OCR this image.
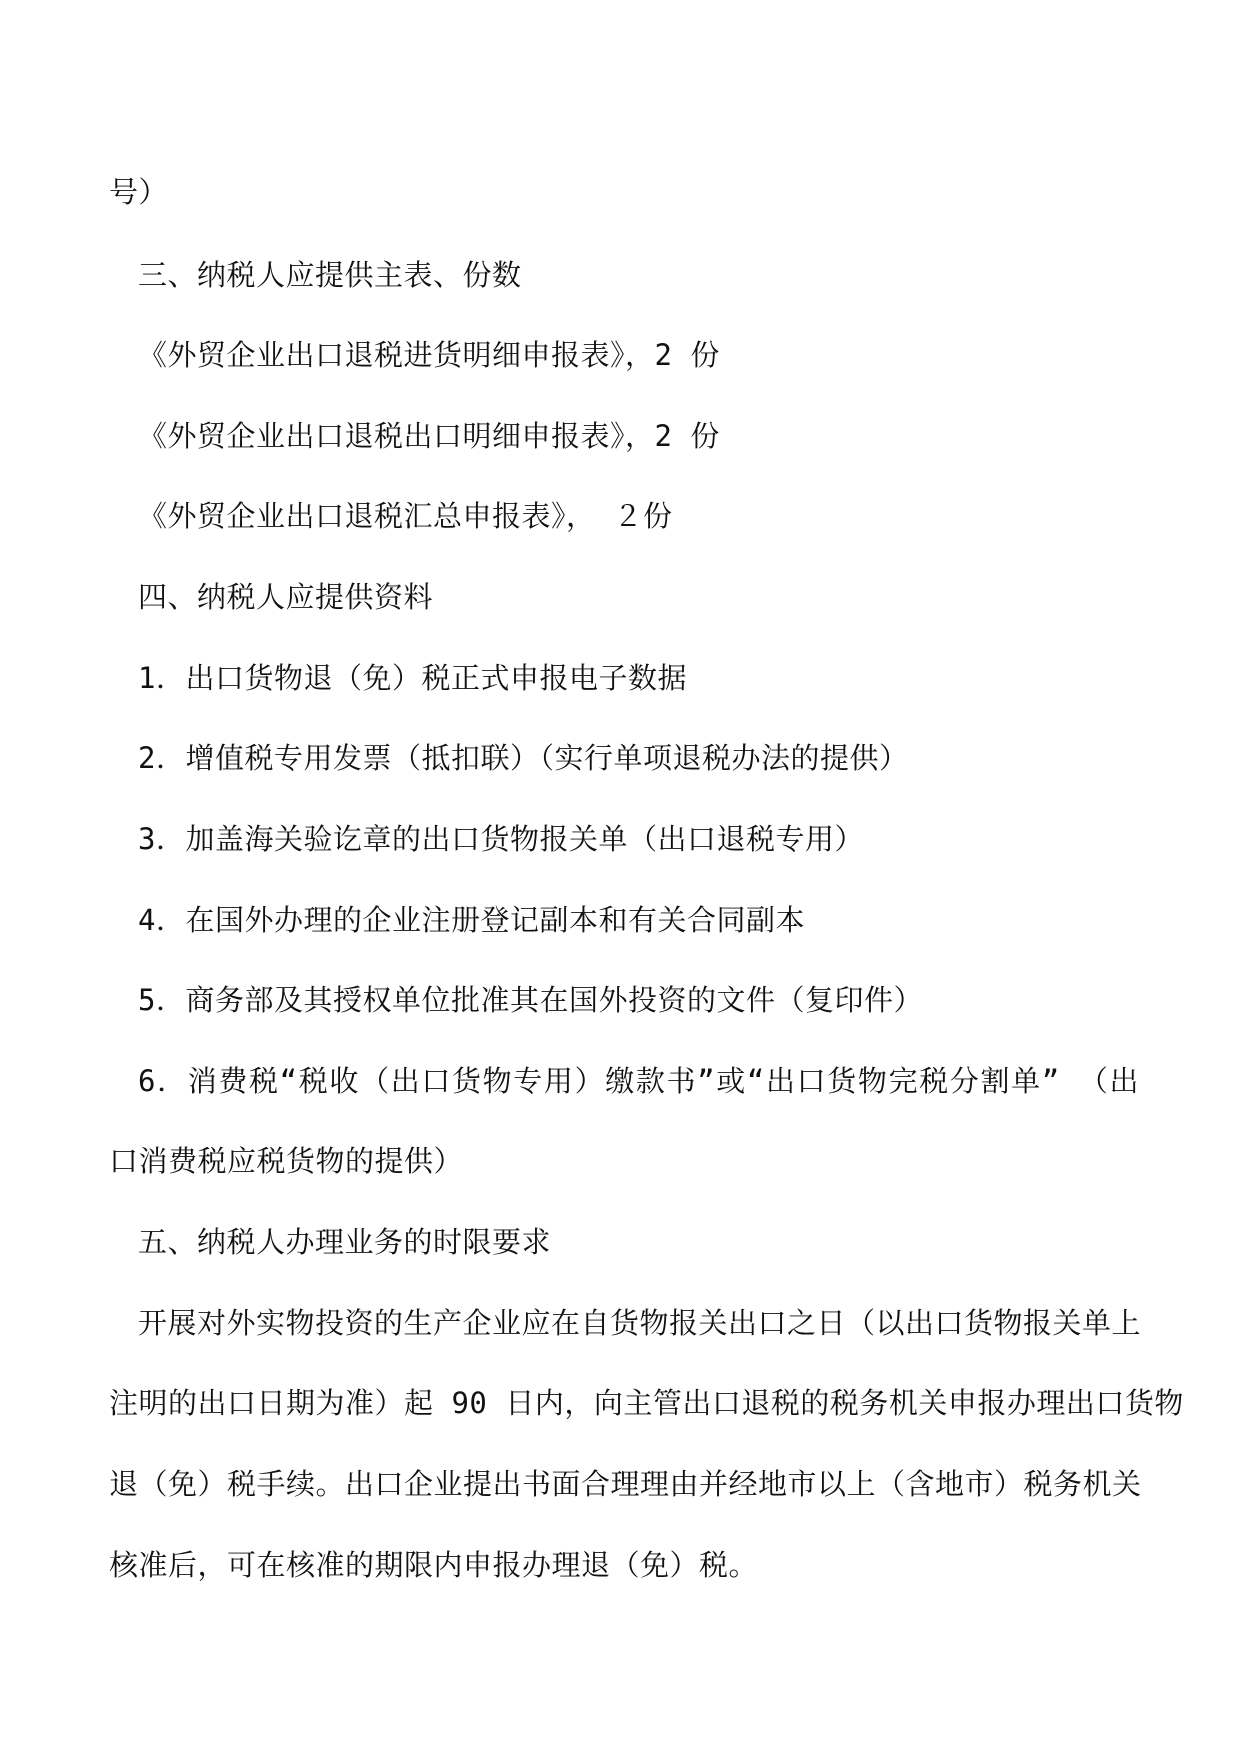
号）
三、纳税人应提供主表、份数
《外贸企业出口退税进货明细申报表》，2 份
《外贸企业出口退税出口明细申报表》，2 份
《外贸企业出口退税汇总申报表》， ２份
四、纳税人应提供资料
1．出口货物退（免）税正式申报电子数据
2．增值税专用发票（抵扣联）（实行单项退税办法的提供）
3．加盖海关验讫章的出口货物报关单（出口退税专用）
4．在国外办理的企业注册登记副本和有关合同副本
5．商务部及其授权单位批准其在国外投资的文件（复印件）
6．消费税“税收（出口货物专用）缴款书”或“出口货物完税分割单” （出
口消费税应税货物的提供）
五、纳税人办理业务的时限要求
开展对外实物投资的生产企业应在自货物报关出口之日（以出口货物报关单上
注明的出口日期为准）起 90 日内，向主管出口退税的税务机关申报办理出口货物
退（免）税手续。出口企业提出书面合理理由并经地市以上（含地市）税务机关
核准后，可在核准的期限内申报办理退（免）税。
